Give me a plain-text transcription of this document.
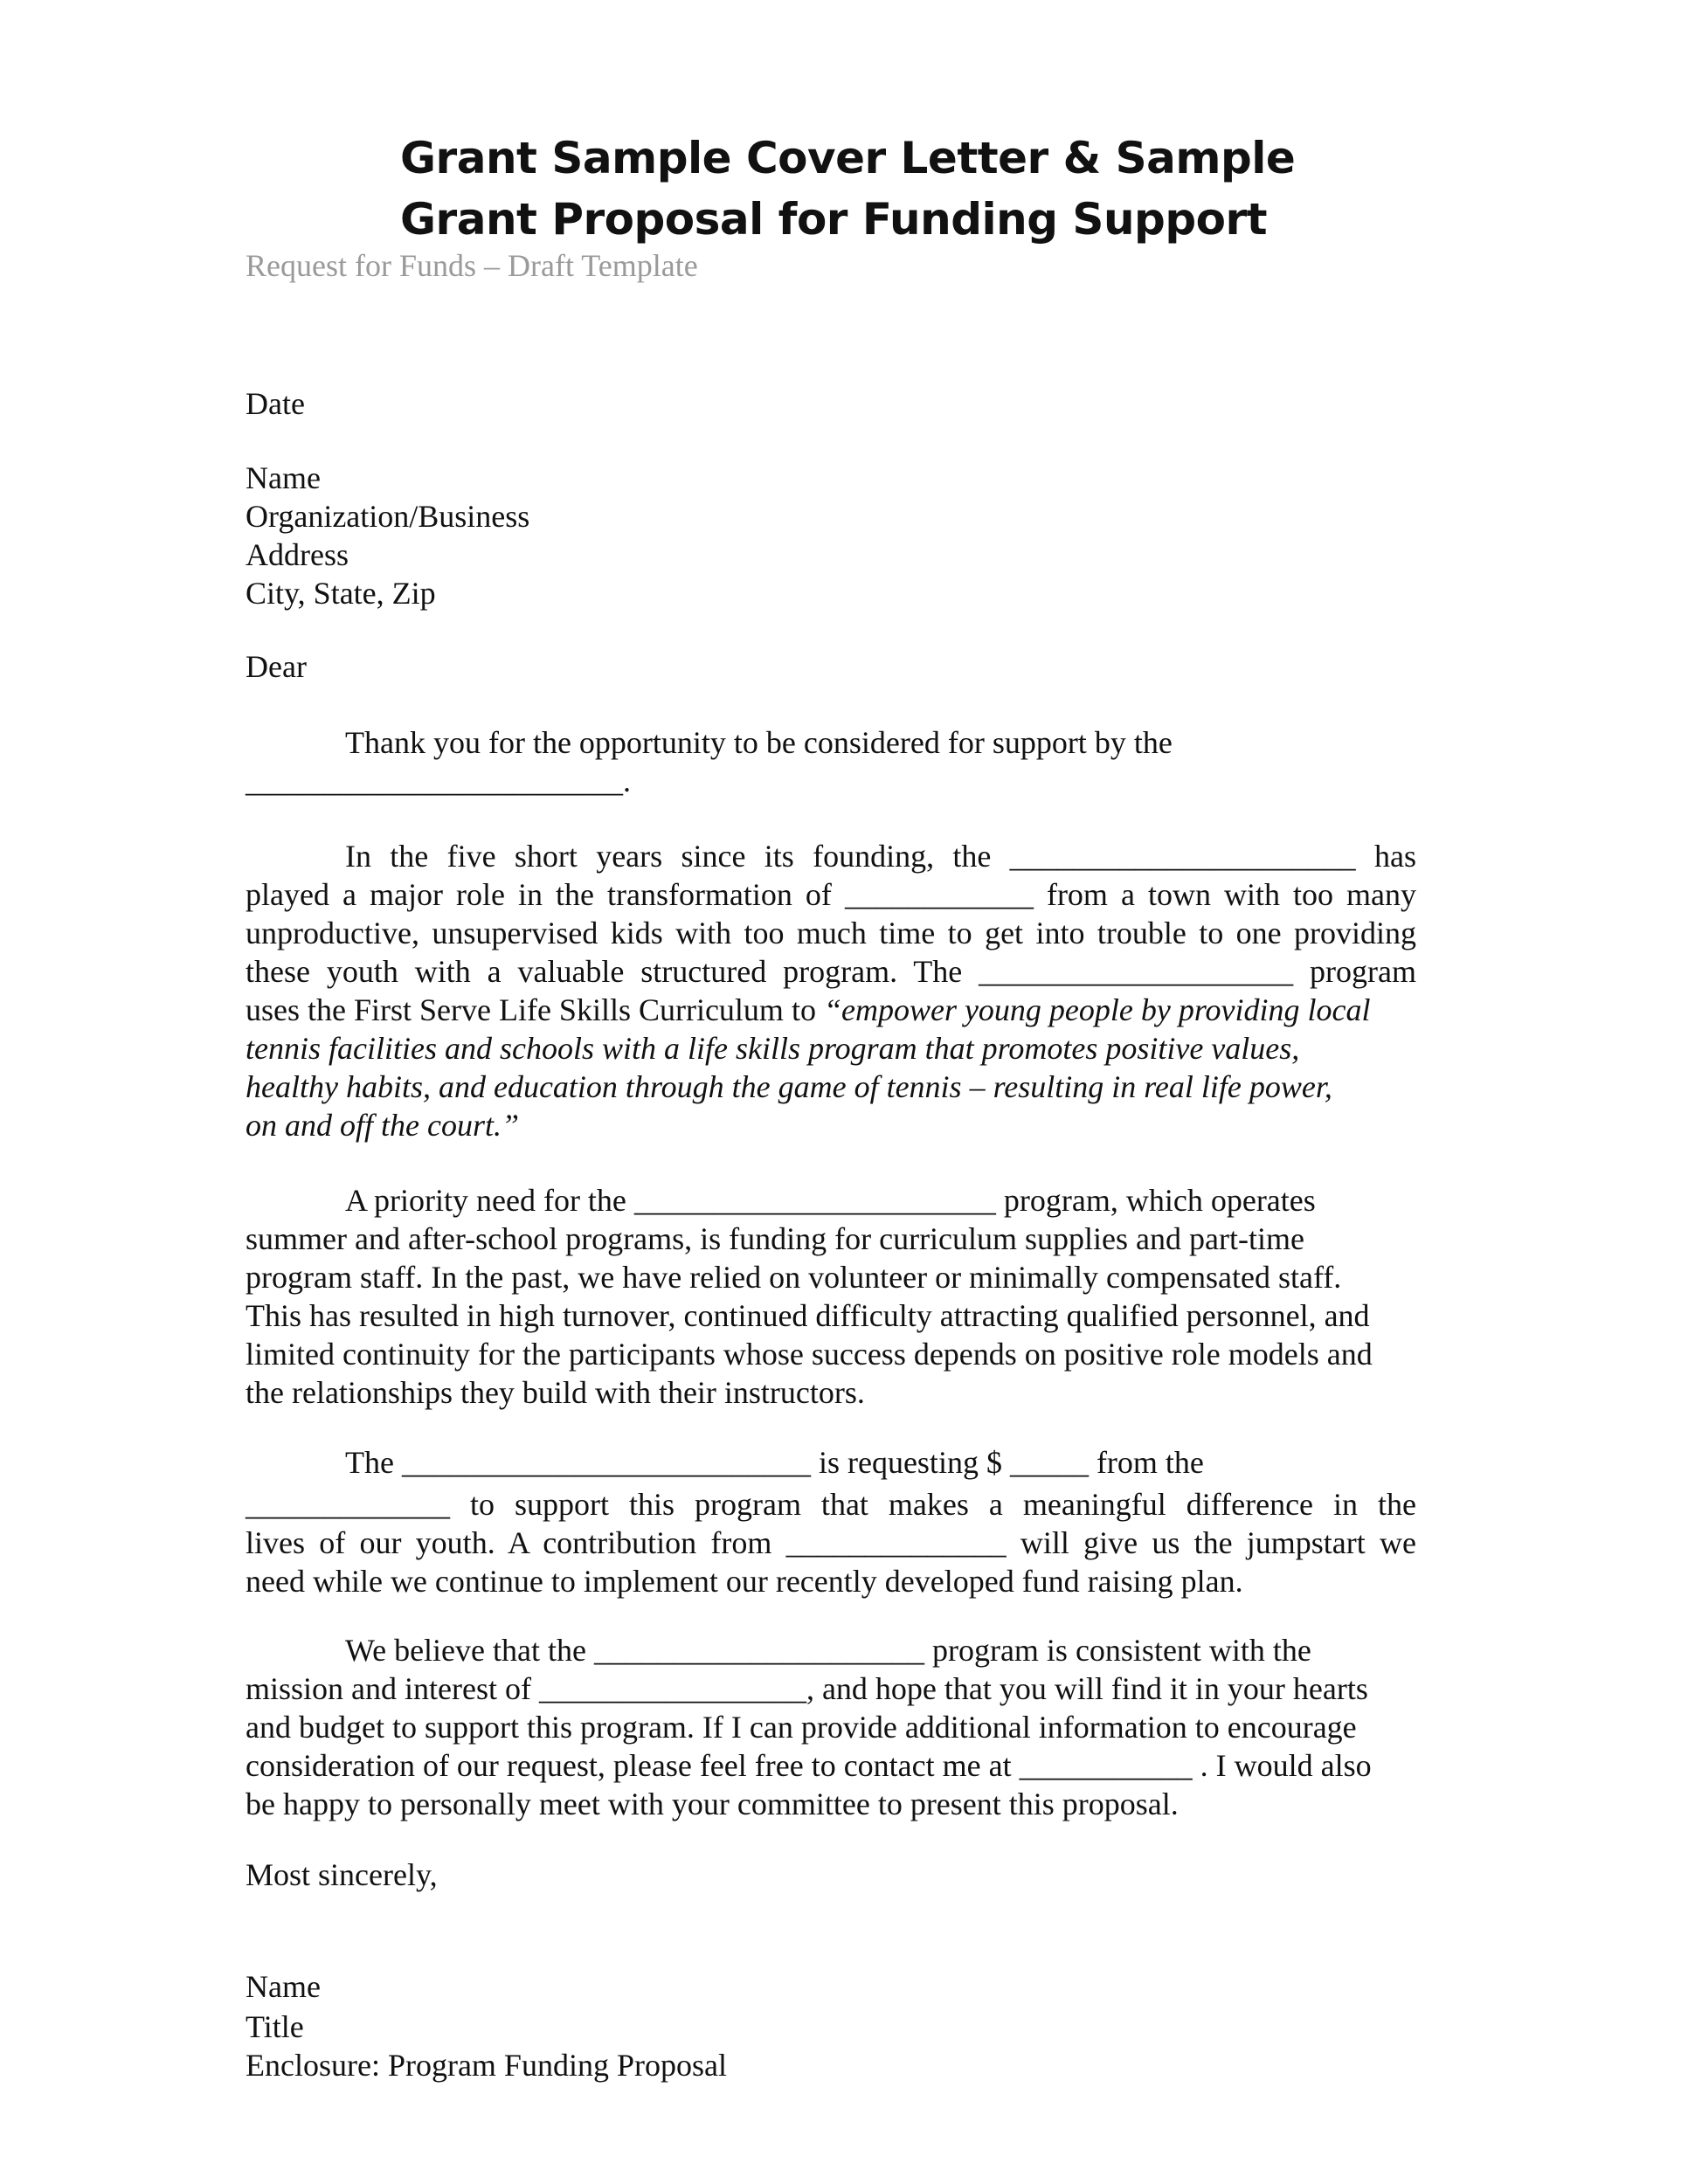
Grant Sample Cover Letter & Sample
Grant Proposal for Funding Support
Request for Funds – Draft Template
Date
Name
Organization/Business
Address
City, State, Zip
Dear
Thank you for the opportunity to be considered for support by the
________________________.
In the five short years since its founding, the ______________________ has
played a major role in the transformation of ____________ from a town with too many
unproductive, unsupervised kids with too much time to get into trouble to one providing
these youth with a valuable structured program. The ____________________ program
uses the First Serve Life Skills Curriculum to “empower young people by providing local
tennis facilities and schools with a life skills program that promotes positive values,
healthy habits, and education through the game of tennis – resulting in real life power,
on and off the court.”
A priority need for the _______________________ program, which operates
summer and after-school programs, is funding for curriculum supplies and part-time
program staff. In the past, we have relied on volunteer or minimally compensated staff.
This has resulted in high turnover, continued difficulty attracting qualified personnel, and
limited continuity for the participants whose success depends on positive role models and
the relationships they build with their instructors.
The __________________________ is requesting $ _____ from the
_____________ to support this program that makes a meaningful difference in the
lives of our youth. A contribution from ______________ will give us the jumpstart we
need while we continue to implement our recently developed fund raising plan.
We believe that the _____________________ program is consistent with the
mission and interest of _________________, and hope that you will find it in your hearts
and budget to support this program. If I can provide additional information to encourage
consideration of our request, please feel free to contact me at ___________ . I would also
be happy to personally meet with your committee to present this proposal.
Most sincerely,
Name
Title
Enclosure: Program Funding Proposal
